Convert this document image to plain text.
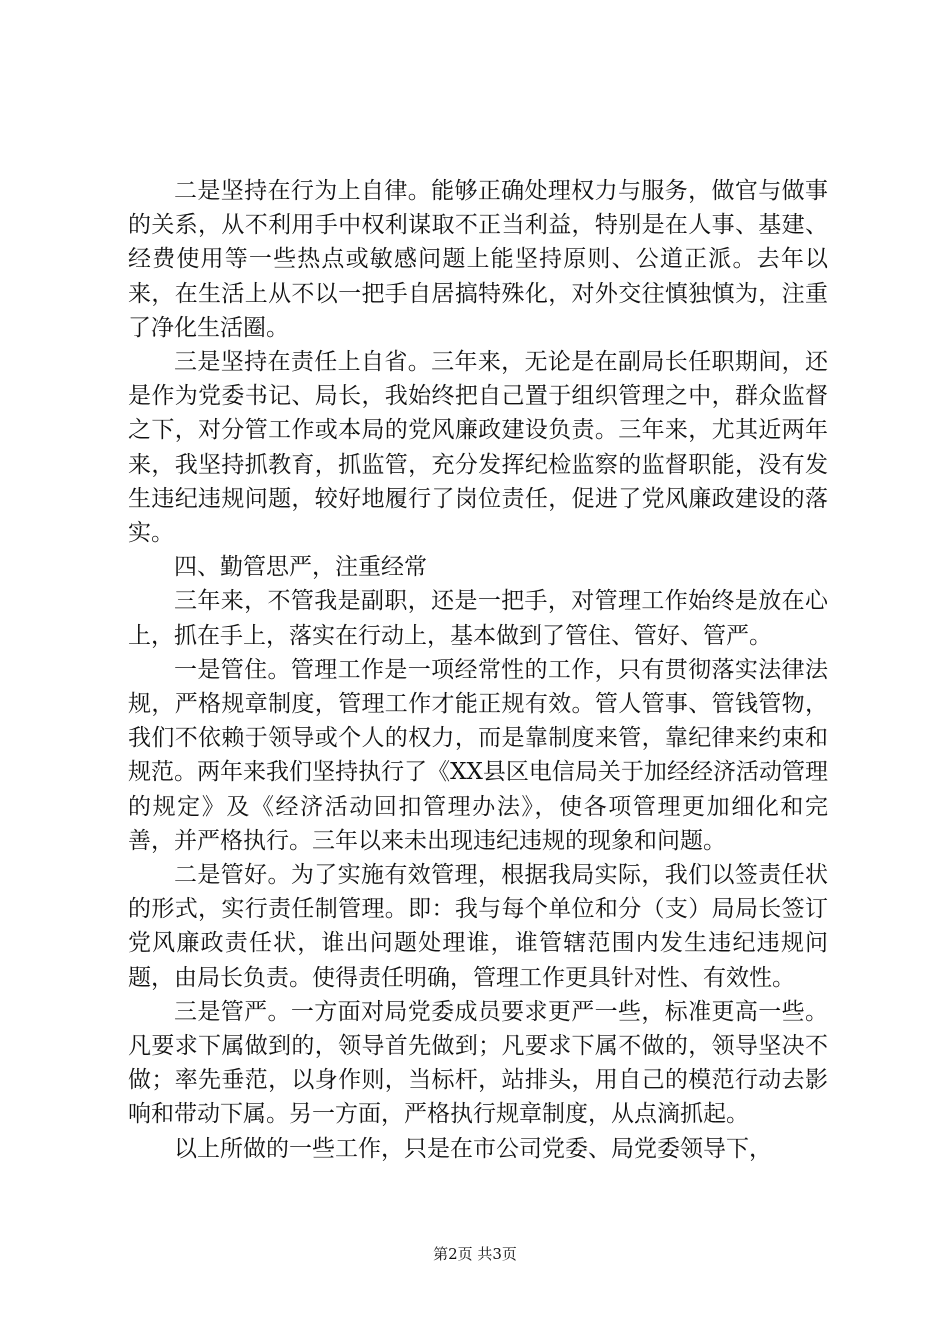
二是坚持在行为上自律。能够正确处理权力与服务，做官与做事的关系，从不利用手中权利谋取不正当利益，特别是在人事、基建、经费使用等一些热点或敏感问题上能坚持原则、公道正派。去年以来，在生活上从不以一把手自居搞特殊化，对外交往慎独慎为，注重了净化生活圈。

三是坚持在责任上自省。三年来，无论是在副局长任职期间，还是作为党委书记、局长，我始终把自己置于组织管理之中，群众监督之下，对分管工作或本局的党风廉政建设负责。三年来，尤其近两年来，我坚持抓教育，抓监管，充分发挥纪检监察的监督职能，没有发生违纪违规问题，较好地履行了岗位责任，促进了党风廉政建设的落实。

四、勤管思严，注重经常

三年来，不管我是副职，还是一把手，对管理工作始终是放在心上，抓在手上，落实在行动上，基本做到了管住、管好、管严。

一是管住。管理工作是一项经常性的工作，只有贯彻落实法律法规，严格规章制度，管理工作才能正规有效。管人管事、管钱管物，我们不依赖于领导或个人的权力，而是靠制度来管，靠纪律来约束和规范。两年来我们坚持执行了《XX县区电信局关于加经经济活动管理的规定》及《经济活动回扣管理办法》，使各项管理更加细化和完善，并严格执行。三年以来未出现违纪违规的现象和问题。

二是管好。为了实施有效管理，根据我局实际，我们以签责任状的形式，实行责任制管理。即：我与每个单位和分（支）局局长签订党风廉政责任状，谁出问题处理谁，谁管辖范围内发生违纪违规问题，由局长负责。使得责任明确，管理工作更具针对性、有效性。

三是管严。一方面对局党委成员要求更严一些，标准更高一些。凡要求下属做到的，领导首先做到；凡要求下属不做的，领导坚决不做；率先垂范，以身作则，当标杆，站排头，用自己的模范行动去影响和带动下属。另一方面，严格执行规章制度，从点滴抓起。

以上所做的一些工作，只是在市公司党委、局党委领导下，

第2页 共3页
